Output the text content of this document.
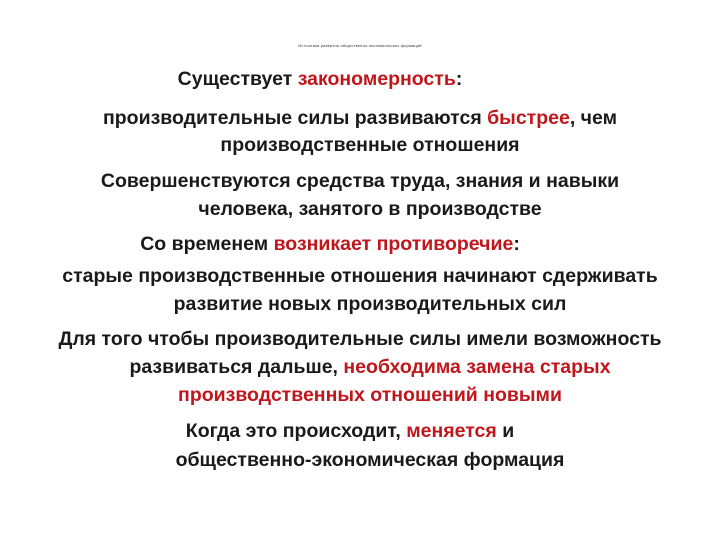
Источники развития общественно-экономических формаций
Существует закономерность:
производительные силы развиваются быстрее, чем
производственные отношения
Совершенствуются средства труда, знания и навыки
человека, занятого в производстве
Со временем возникает противоречие:
старые производственные отношения начинают сдерживать
развитие новых производительных сил
Для того чтобы производительные силы имели возможность
развиваться дальше, необходима замена старых
производственных отношений новыми
Когда это происходит, меняется и
общественно-экономическая формация
